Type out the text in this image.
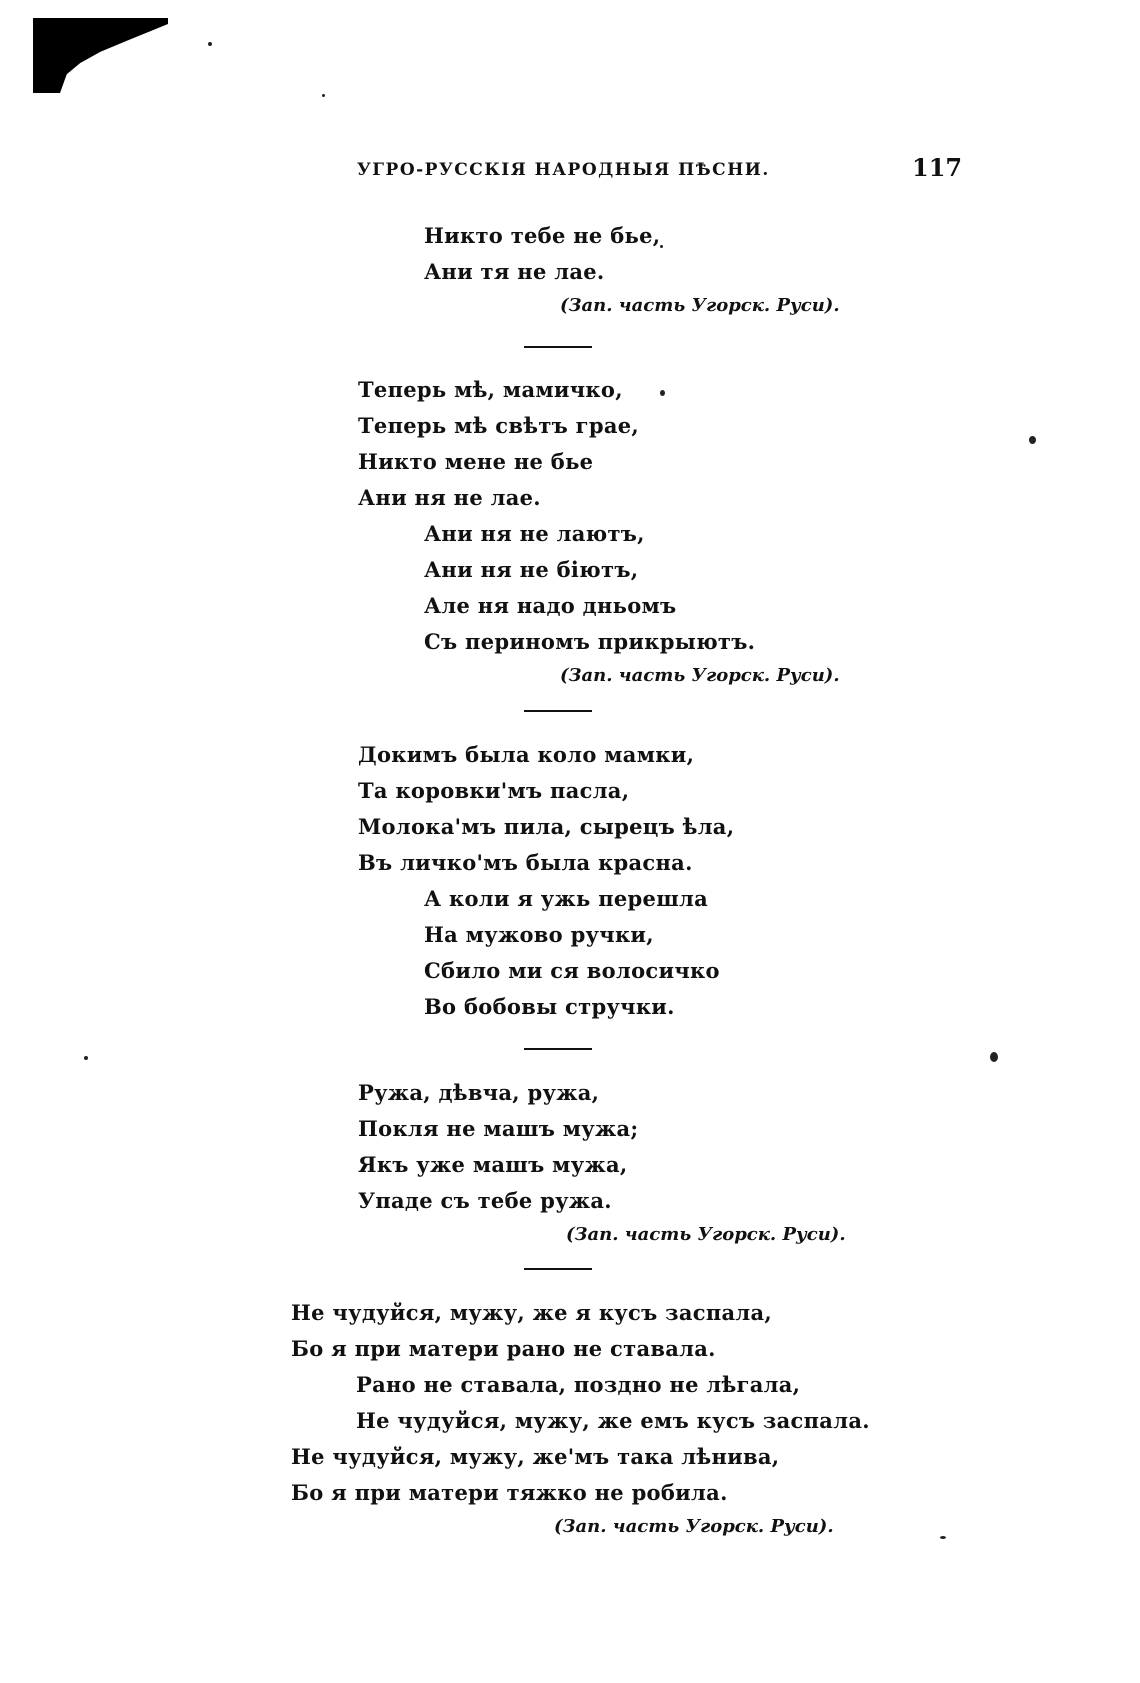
УГРО-РУССКІЯ НАРОДНЫЯ ПѢСНИ.	117
Никто тебе не бье,
Ани тя не лае.
(Зап. часть Угорск. Руси).
Теперь мѣ, мамичко,
Теперь мѣ свѣтъ грае,
Никто мене не бье
Ани ня не лае.
Ани ня не лаютъ,
Ани ня не біютъ,
Але ня надо дньомъ
Съ периномъ прикрыютъ.
(Зап. часть Угорск. Руси).
Докимъ была коло мамки,
Та коровки'мъ пасла,
Молока'мъ пила, сырецъ ѣла,
Въ личко'мъ была красна.
А коли я ужь перешла
На мужово ручки,
Сбило ми ся волосичко
Во бобовы стручки.
Ружа, дѣвча, ружа,
Покля не машъ мужа;
Якъ уже машъ мужа,
Упаде съ тебе ружа.
(Зап. часть Угорск. Руси).
Не чудуйся, мужу, же я кусъ заспала,
Бо я при матери рано не ставала.
Рано не ставала, поздно не лѣгала,
Не чудуйся, мужу, же емъ кусъ заспала.
Не чудуйся, мужу, же'мъ така лѣнива,
Бо я при матери тяжко не робила.
(Зап. часть Угорск. Руси).
